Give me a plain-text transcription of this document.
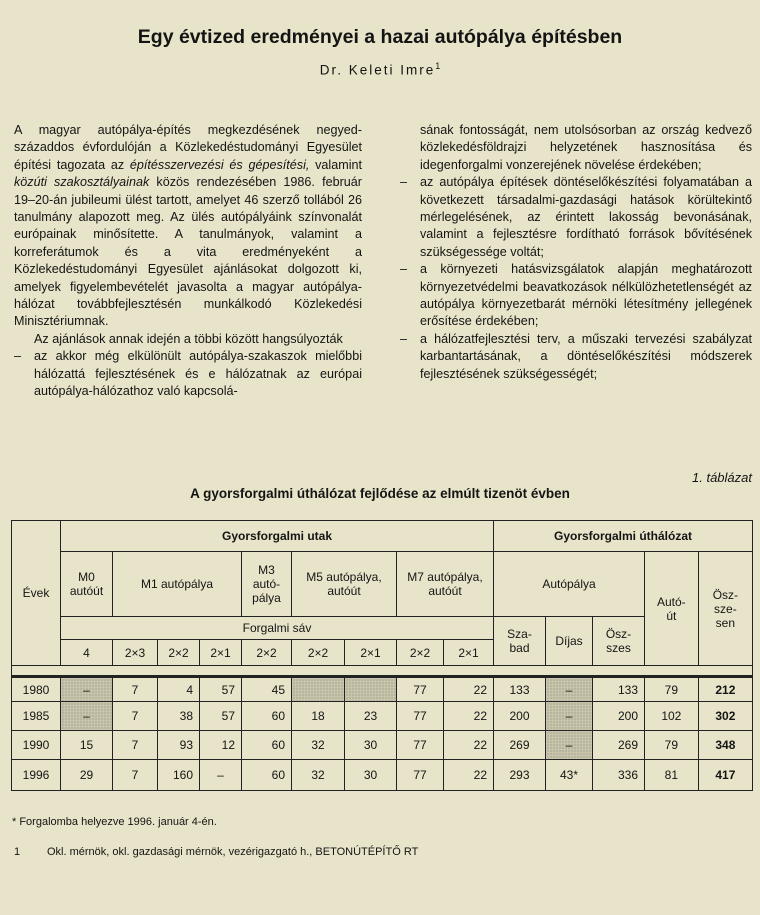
Egy évtized eredményei a hazai autópálya építésben
Dr. Keleti Imre$^1$

A magyar autópálya-építés megkezdésének negyed-századdos évfordulóján a Közlekedéstudományi Egyesület építési tagozata az építésszervezési és gépesítési, valamint közúti szakosztályainak közös rendezésében 1986. február 19–20-án jubileumi ülést tartott, amelyet 46 szerző tollából 26 tanulmány alapozott meg. Az ülés autópályáink színvonalát európainak minősítette. A tanulmányok, valamint a korreferátumok és a vita eredményeként a Közlekedéstudományi Egyesület ajánlásokat dolgozott ki, amelyek figyelembevételét javasolta a magyar autópálya-hálózat továbbfejlesztésén munkálkodó Közlekedési Minisztériumnak.

Az ajánlások annak idején a többi között hangsúlyozták

– az akkor még elkülönült autópálya-szakaszok mielőbbi hálózattá fejlesztésének és e hálózatnak az európai autópálya-hálózathoz való kapcsolá-

sának fontosságát, nem utolsósorban az ország kedvező közlekedésföldrajzi helyzetének hasznosítása és idegenforgalmi vonzerejének növelése érdekében;

– az autópálya építések döntéselőkészítési folyamatában a következett társadalmi-gazdasági hatások körültekintő mérlegelésének, az érintett lakosság bevonásának, valamint a fejlesztésre fordítható források bővítésének szükségessége voltát;

– a környezeti hatásvizsgálatok alapján meghatározott környezetvédelmi beavatkozások nélkülözhetetlenségét az autópálya környezetbarát mérnöki létesítmény jellegének erősítése érdekében;

– a hálózatfejlesztési terv, a műszaki tervezési szabályzat karbantartásának, a döntéselőkészítési módszerek fejlesztésének szükségességét;

1. táblázat
A gyorsforgalmi úthálózat fejlődése az elmúlt tizenöt évben
Évek	Gyorsforgalmi utak									Gyorsforgalmi úthálózat				
	M0 autóút	M1 autópálya			M3 autó-pálya	M5 autópálya, autóút		M7 autópálya, autóút		Autópálya			Autó-út	Ösz-sze-sen
	Forgalmi sáv									Sza-bad	Díjas	Ösz-szes		
	4	2×3	2×2	2×1	2×2	2×2	2×1	2×2	2×1					

1980	–	7	4	57	45			77	22	133	–	133	79	212
1985	–	7	38	57	60	18	23	77	22	200	–	200	102	302
1990	15	7	93	12	60	32	30	77	22	269	–	269	79	348
1996	29	7	160	–	60	32	30	77	22	293	43*	336	81	417
* Forgalomba helyezve 1996. január 4-én.
1 Okl. mérnök, okl. gazdasági mérnök, vezérigazgató h., BETONÚTÉPÍTŐ RT
